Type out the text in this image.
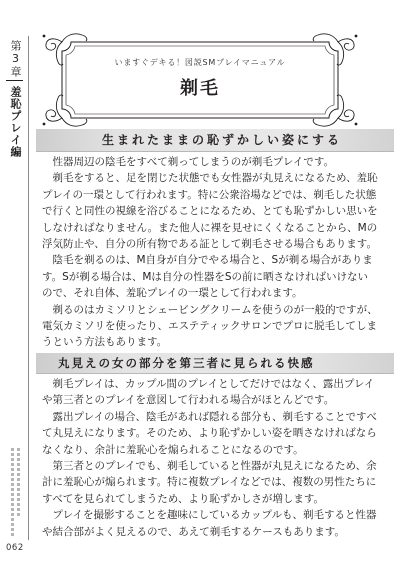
第3章
羞恥プレイ編
062
いますぐデキる！図説SMプレイマニュアル
剃毛
生まれたままの恥ずかしい姿にする

性器周辺の陰毛をすべて剃ってしまうのが剃毛プレイです。

剃毛をすると、足を閉じた状態でも女性器が丸見えになるため、羞恥プレイの一環として行われます。特に公衆浴場などでは、剃毛した状態で行くと同性の視線を浴びることになるため、とても恥ずかしい思いをしなければなりません。また他人に裸を見せにくくなることから、Mの浮気防止や、自分の所有物である証として剃毛させる場合もあります。

陰毛を剃るのは、M自身が自分でやる場合と、Sが剃る場合があります。Sが剃る場合は、Mは自分の性器をSの前に晒さなければいけないので、それ自体、羞恥プレイの一環として行われます。

剃るのはカミソリとシェービングクリームを使うのが一般的ですが、電気カミソリを使ったり、エステティックサロンでプロに脱毛してしまうという方法もあります。

丸見えの女の部分を第三者に見られる快感

剃毛プレイは、カップル間のプレイとしてだけではなく、露出プレイや第三者とのプレイを意図して行われる場合がほとんどです。

露出プレイの場合、陰毛があれば隠れる部分も、剃毛することですべて丸見えになります。そのため、より恥ずかしい姿を晒さなければならなくなり、余計に羞恥心を煽られることになるのです。

第三者とのプレイでも、剃毛していると性器が丸見えになるため、余計に羞恥心が煽られます。特に複数プレイなどでは、複数の男性たちにすべてを見られてしまうため、より恥ずかしさが増します。

プレイを撮影することを趣味にしているカップルも、剃毛すると性器や結合部がよく見えるので、あえて剃毛するケースもあります。
